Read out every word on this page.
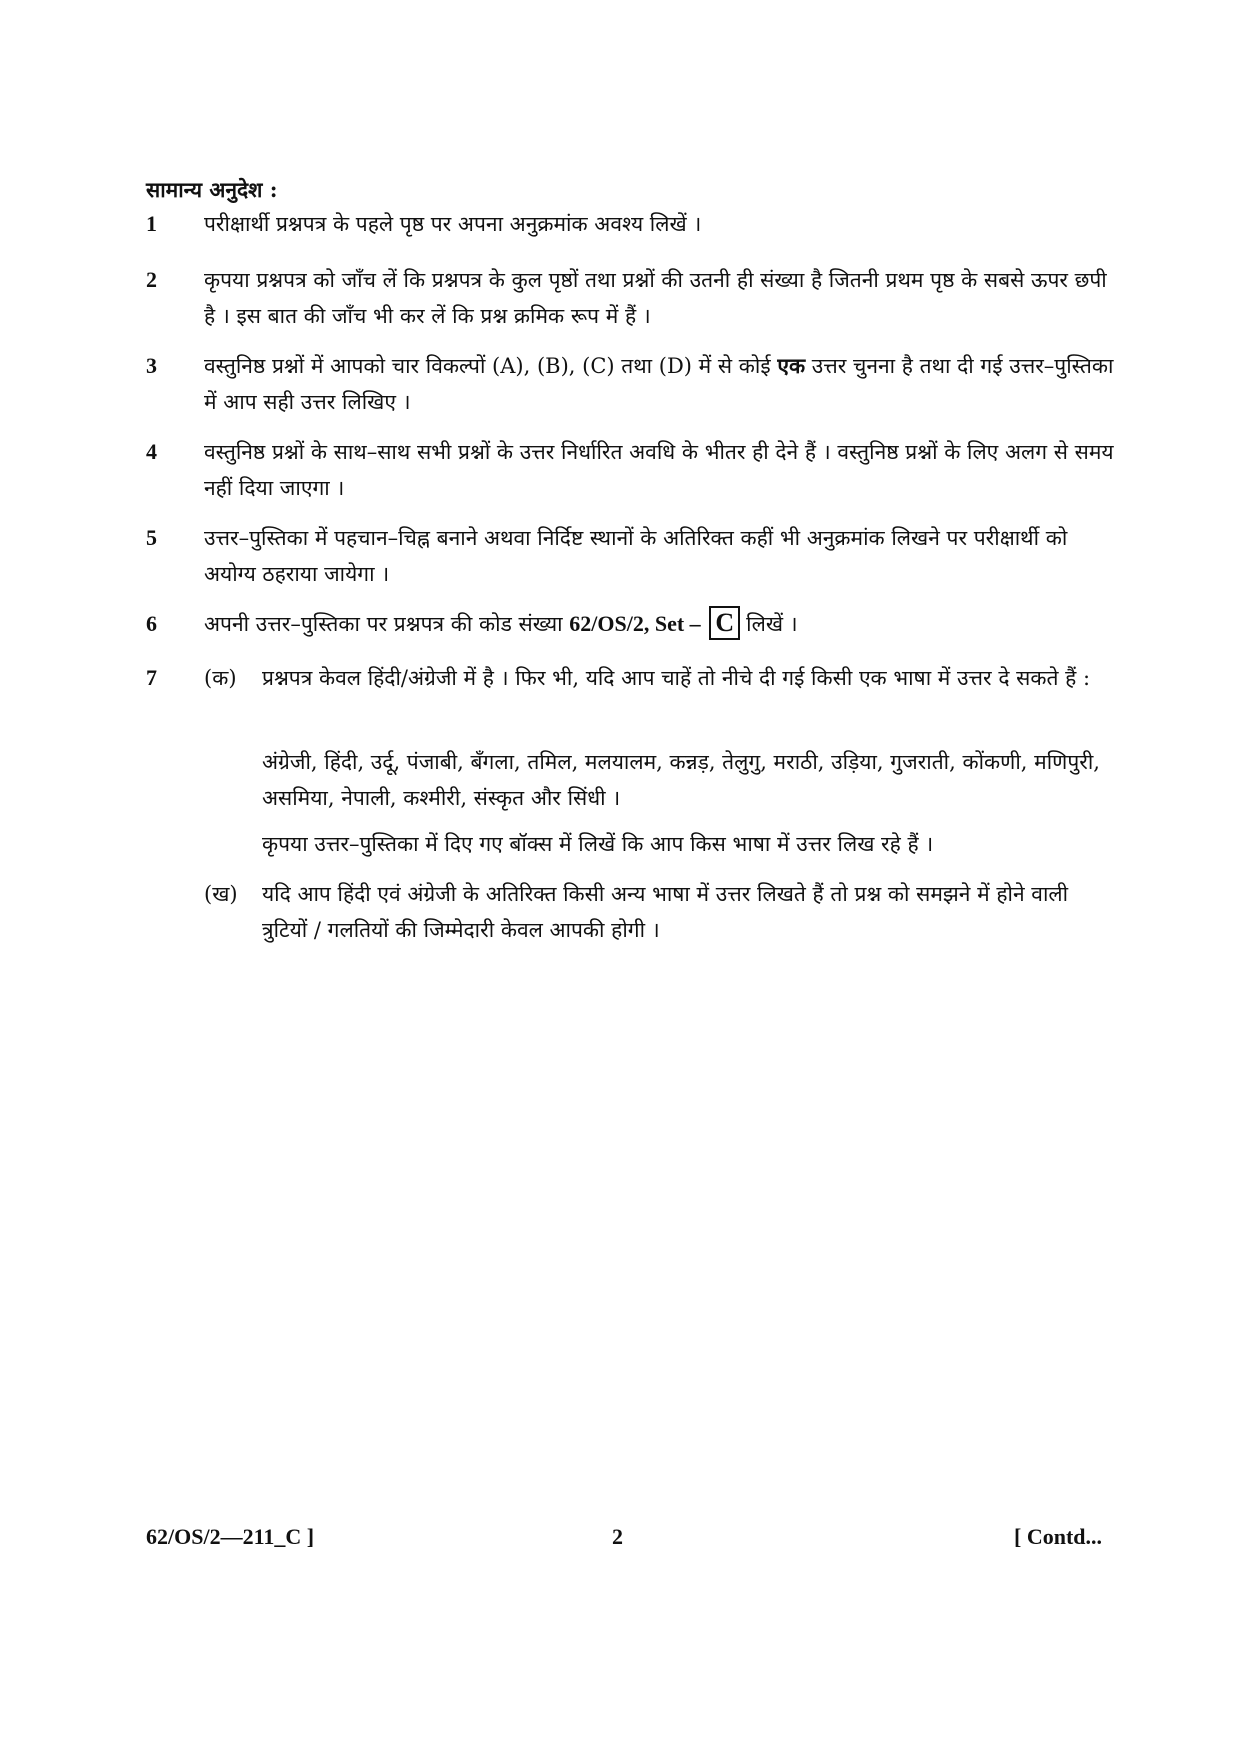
सामान्य अनुदेश :
1 परीक्षार्थी प्रश्नपत्र के पहले पृष्ठ पर अपना अनुक्रमांक अवश्य लिखें ।
2 कृपया प्रश्नपत्र को जाँच लें कि प्रश्नपत्र के कुल पृष्ठों तथा प्रश्नों की उतनी ही संख्या है जितनी प्रथम पृष्ठ के सबसे ऊपर छपी है । इस बात की जाँच भी कर लें कि प्रश्न क्रमिक रूप में हैं ।
3 वस्तुनिष्ठ प्रश्नों में आपको चार विकल्पों (A), (B), (C) तथा (D) में से कोई एक उत्तर चुनना है तथा दी गई उत्तर–पुस्तिका में आप सही उत्तर लिखिए ।
4 वस्तुनिष्ठ प्रश्नों के साथ–साथ सभी प्रश्नों के उत्तर निर्धारित अवधि के भीतर ही देने हैं । वस्तुनिष्ठ प्रश्नों के लिए अलग से समय नहीं दिया जाएगा ।
5 उत्तर–पुस्तिका में पहचान–चिह्न बनाने अथवा निर्दिष्ट स्थानों के अतिरिक्त कहीं भी अनुक्रमांक लिखने पर परीक्षार्थी को अयोग्य ठहराया जायेगा ।
6 अपनी उत्तर–पुस्तिका पर प्रश्नपत्र की कोड संख्या 62/OS/2, Set – C लिखें ।
7 (क) प्रश्नपत्र केवल हिंदी/अंग्रेजी में है । फिर भी, यदि आप चाहें तो नीचे दी गई किसी एक भाषा में उत्तर दे सकते हैं :
अंग्रेजी, हिंदी, उर्दू, पंजाबी, बँगला, तमिल, मलयालम, कन्नड़, तेलुगु, मराठी, उड़िया, गुजराती, कोंकणी, मणिपुरी, असमिया, नेपाली, कश्मीरी, संस्कृत और सिंधी ।
कृपया उत्तर–पुस्तिका में दिए गए बॉक्स में लिखें कि आप किस भाषा में उत्तर लिख रहे हैं ।
(ख) यदि आप हिंदी एवं अंग्रेजी के अतिरिक्त किसी अन्य भाषा में उत्तर लिखते हैं तो प्रश्न को समझने में होने वाली त्रुटियों / गलतियों की जिम्मेदारी केवल आपकी होगी ।
62/OS/2—211_C ]	2	[ Contd...
